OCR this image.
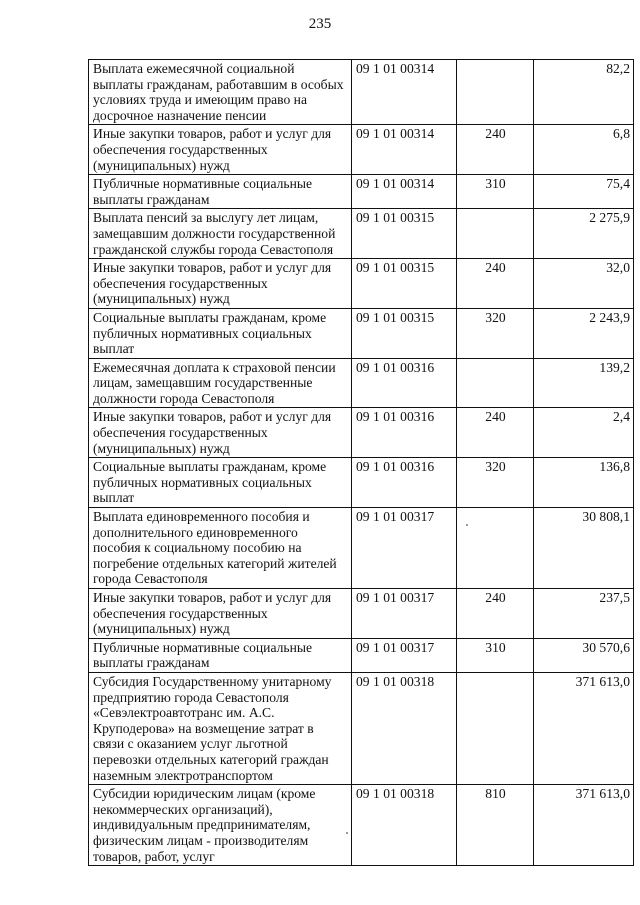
235
Выплата ежемесячной социальной выплаты гражданам, работавшим в особых условиях труда и имеющим право на досрочное назначение пенсии	09 1 01 00314		82,2
Иные закупки товаров, работ и услуг для обеспечения государственных (муниципальных) нужд	09 1 01 00314	240	6,8
Публичные нормативные социальные выплаты гражданам	09 1 01 00314	310	75,4
Выплата пенсий за выслугу лет лицам, замещавшим должности государственной гражданской службы города Севастополя	09 1 01 00315		2 275,9
Иные закупки товаров, работ и услуг для обеспечения государственных (муниципальных) нужд	09 1 01 00315	240	32,0
Социальные выплаты гражданам, кроме публичных нормативных социальных выплат	09 1 01 00315	320	2 243,9
Ежемесячная доплата к страховой пенсии лицам, замещавшим государственные должности города Севастополя	09 1 01 00316		139,2
Иные закупки товаров, работ и услуг для обеспечения государственных (муниципальных) нужд	09 1 01 00316	240	2,4
Социальные выплаты гражданам, кроме публичных нормативных социальных выплат	09 1 01 00316	320	136,8
Выплата единовременного пособия и дополнительного единовременного пособия к социальному пособию на погребение отдельных категорий жителей города Севастополя	09 1 01 00317		30 808,1
Иные закупки товаров, работ и услуг для обеспечения государственных (муниципальных) нужд	09 1 01 00317	240	237,5
Публичные нормативные социальные выплаты гражданам	09 1 01 00317	310	30 570,6
Субсидия Государственному унитарному предприятию города Севастополя «Севэлектроавтотранс им. А.С. Круподерова» на возмещение затрат в связи с оказанием услуг льготной перевозки отдельных категорий граждан наземным электротранспортом	09 1 01 00318		371 613,0
Субсидии юридическим лицам (кроме некоммерческих организаций), индивидуальным предпринимателям, физическим лицам - производителям товаров, работ, услуг	09 1 01 00318	810	371 613,0
